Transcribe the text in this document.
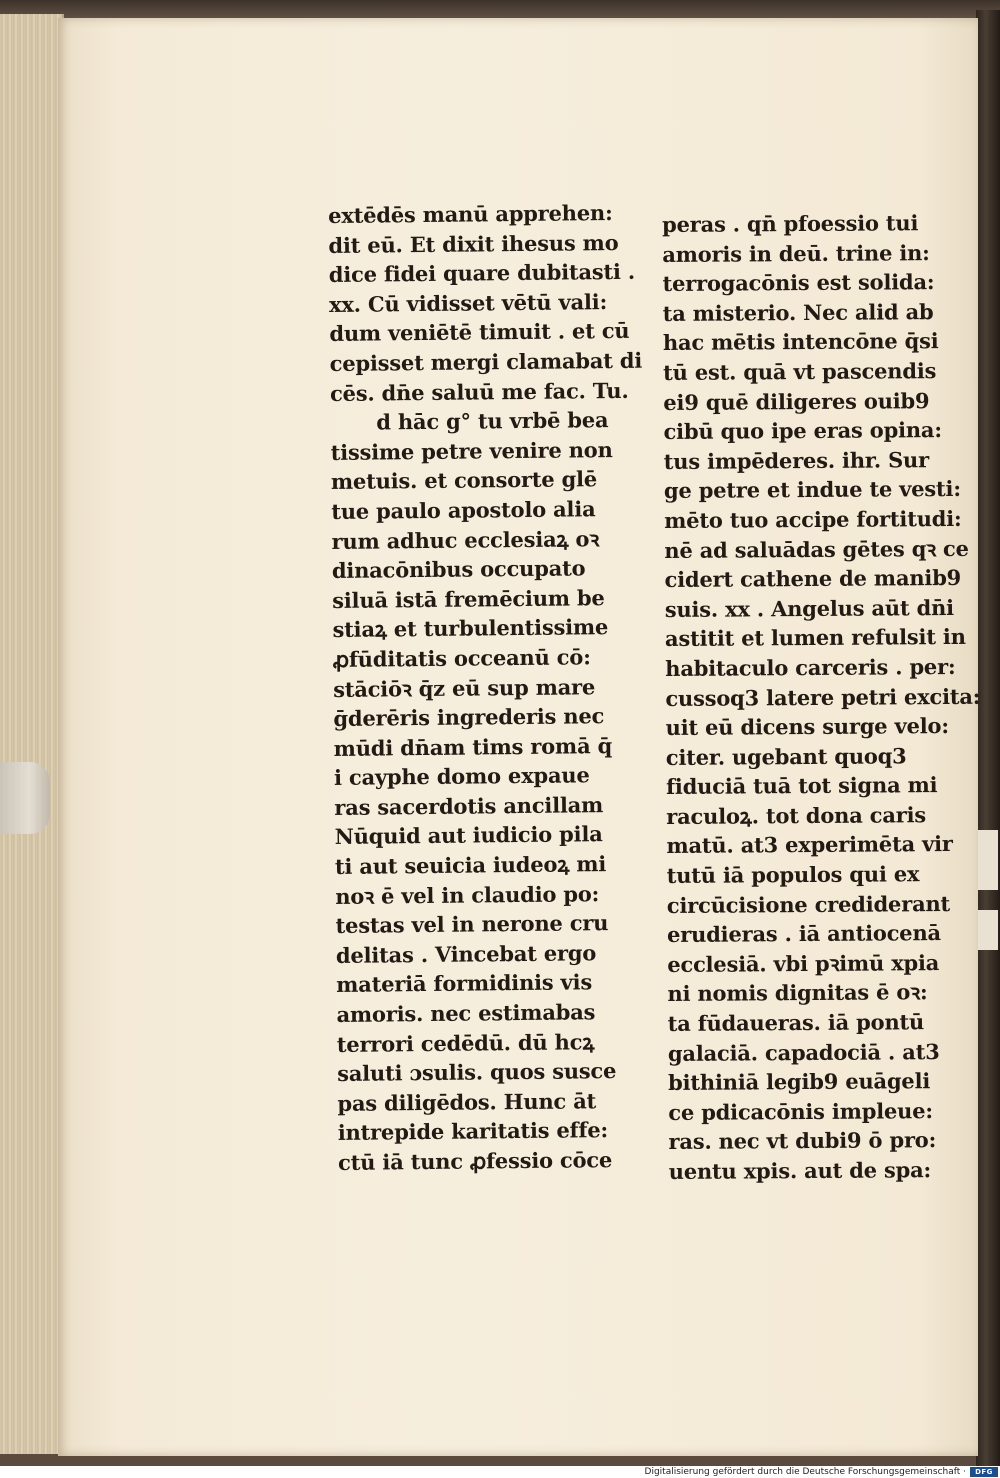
extēdēs manū apprehen:
dit eū. Et dixit ihesus mo
dice fidei quare dubitasti .
xx. Cū vidisset vētū vali:
dum veniētē timuit . et cū
cepisset mergi clamabat di
cēs. dn̄e saluū me fac. Tu.
d hāc g° tu vrbē bea
tissime petre venire non
metuis. et consorte glē
tue paulo apostolo alia
rum adhuc ecclesiaꝝ oꝛ
dinacōnibus occupato
siluā istā fremēcium be
stiaꝝ et turbulentissime
ꝓfūditatis occeanū cō:
stāciōꝛ q̄z eū sup mare
ḡderēris ingrederis nec
mūdi dn̄am tims romā q̄
i cayphe domo expaue
ras sacerdotis ancillam
Nūquid aut iudicio pila
ti aut seuicia iudeoꝝ mi
noꝛ ē vel in claudio po:
testas vel in nerone cru
delitas . Vincebat ergo
materiā formidinis vis
amoris. nec estimabas
terrori cedēdū. dū hcꝝ
saluti ɔsulis. quos susce
pas diligēdos. Hunc āt
intrepide karitatis effe:
ctū iā tunc ꝓfessio cōce
peras . qn̄ pfoessio tui
amoris in deū. trine in:
terrogacōnis est solida:
ta misterio. Nec alid ab
hac mētis intencōne q̄si
tū est. quā vt pascendis
ei9 quē diligeres ouib9
cibū quo ipe eras opina:
tus impēderes. ihr. Sur
ge petre et indue te vesti:
mēto tuo accipe fortitudi:
nē ad saluādas gētes qꝛ ce
cidert cathene de manib9
suis. xx . Angelus aūt dn̄i
astitit et lumen refulsit in
habitaculo carceris . per:
cussoq3 latere petri excita:
uit eū dicens surge velo:
citer. ugebant quoq3
fiduciā tuā tot signa mi
raculoꝝ. tot dona caris
matū. at3 experimēta vir
tutū iā populos qui ex
circūcisione crediderant
erudieras . iā antiocenā
ecclesiā. vbi pꝛimū xpia
ni nomis dignitas ē oꝛ:
ta fūdaueras. iā pontū
galaciā. capadociā . at3
bithiniā legib9 euāgeli
ce pdicacōnis impleue:
ras. nec vt dubi9 ō pro:
uentu xpis. aut de spa:
Digitalisierung gefördert durch die Deutsche Forschungsgemeinschaft ·	DFG
